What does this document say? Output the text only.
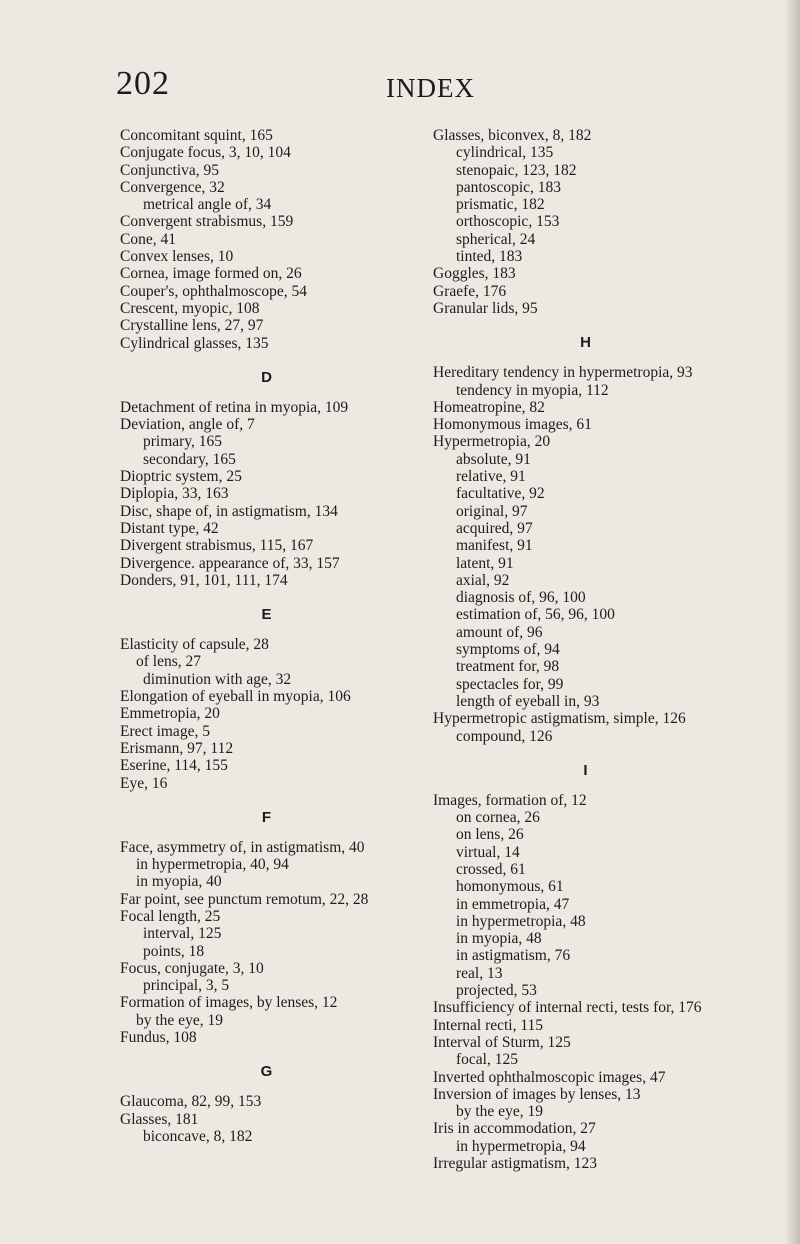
202	INDEX
Concomitant squint, 165
Conjugate focus, 3, 10, 104
Conjunctiva, 95
Convergence, 32
metrical angle of, 34
Convergent strabismus, 159
Cone, 41
Convex lenses, 10
Cornea, image formed on, 26
Couper's, ophthalmoscope, 54
Crescent, myopic, 108
Crystalline lens, 27, 97
Cylindrical glasses, 135
D
Detachment of retina in myopia, 109
Deviation, angle of, 7
primary, 165
secondary, 165
Dioptric system, 25
Diplopia, 33, 163
Disc, shape of, in astigmatism, 134
Distant type, 42
Divergent strabismus, 115, 167
Divergence. appearance of, 33, 157
Donders, 91, 101, 111, 174
E
Elasticity of capsule, 28
of lens, 27
diminution with age, 32
Elongation of eyeball in myopia, 106
Emmetropia, 20
Erect image, 5
Erismann, 97, 112
Eserine, 114, 155
Eye, 16
F
Face, asymmetry of, in astigmatism, 40
in hypermetropia, 40, 94
in myopia, 40
Far point, see punctum remotum, 22, 28
Focal length, 25
interval, 125
points, 18
Focus, conjugate, 3, 10
principal, 3, 5
Formation of images, by lenses, 12
by the eye, 19
Fundus, 108
G
Glaucoma, 82, 99, 153
Glasses, 181
biconcave, 8, 182
Glasses, biconvex, 8, 182
cylindrical, 135
stenopaic, 123, 182
pantoscopic, 183
prismatic, 182
orthoscopic, 153
spherical, 24
tinted, 183
Goggles, 183
Graefe, 176
Granular lids, 95
H
Hereditary tendency in hypermetropia, 93
tendency in myopia, 112
Homeatropine, 82
Homonymous images, 61
Hypermetropia, 20
absolute, 91
relative, 91
facultative, 92
original, 97
acquired, 97
manifest, 91
latent, 91
axial, 92
diagnosis of, 96, 100
estimation of, 56, 96, 100
amount of, 96
symptoms of, 94
treatment for, 98
spectacles for, 99
length of eyeball in, 93
Hypermetropic astigmatism, simple, 126
compound, 126
I
Images, formation of, 12
on cornea, 26
on lens, 26
virtual, 14
crossed, 61
homonymous, 61
in emmetropia, 47
in hypermetropia, 48
in myopia, 48
in astigmatism, 76
real, 13
projected, 53
Insufficiency of internal recti, tests for, 176
Internal recti, 115
Interval of Sturm, 125
focal, 125
Inverted ophthalmoscopic images, 47
Inversion of images by lenses, 13
by the eye, 19
Iris in accommodation, 27
in hypermetropia, 94
Irregular astigmatism, 123
